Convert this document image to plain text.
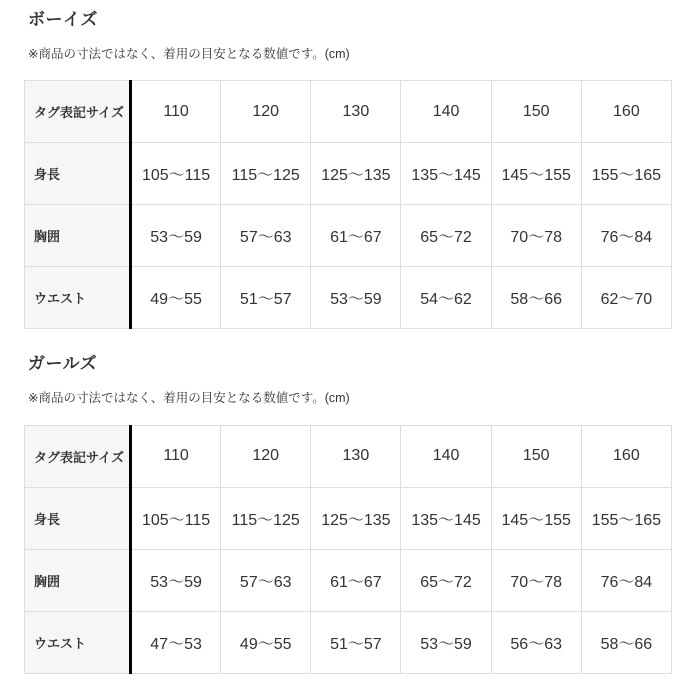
ボーイズ

※商品の寸法ではなく、着用の目安となる数値です。(cm)

タグ表記サイズ	110	120	130	140	150	160
身長	105〜115	115〜125	125〜135	135〜145	145〜155	155〜165
胸囲	53〜59	57〜63	61〜67	65〜72	70〜78	76〜84
ウエスト	49〜55	51〜57	53〜59	54〜62	58〜66	62〜70
ガールズ

※商品の寸法ではなく、着用の目安となる数値です。(cm)

タグ表記サイズ	110	120	130	140	150	160
身長	105〜115	115〜125	125〜135	135〜145	145〜155	155〜165
胸囲	53〜59	57〜63	61〜67	65〜72	70〜78	76〜84
ウエスト	47〜53	49〜55	51〜57	53〜59	56〜63	58〜66
